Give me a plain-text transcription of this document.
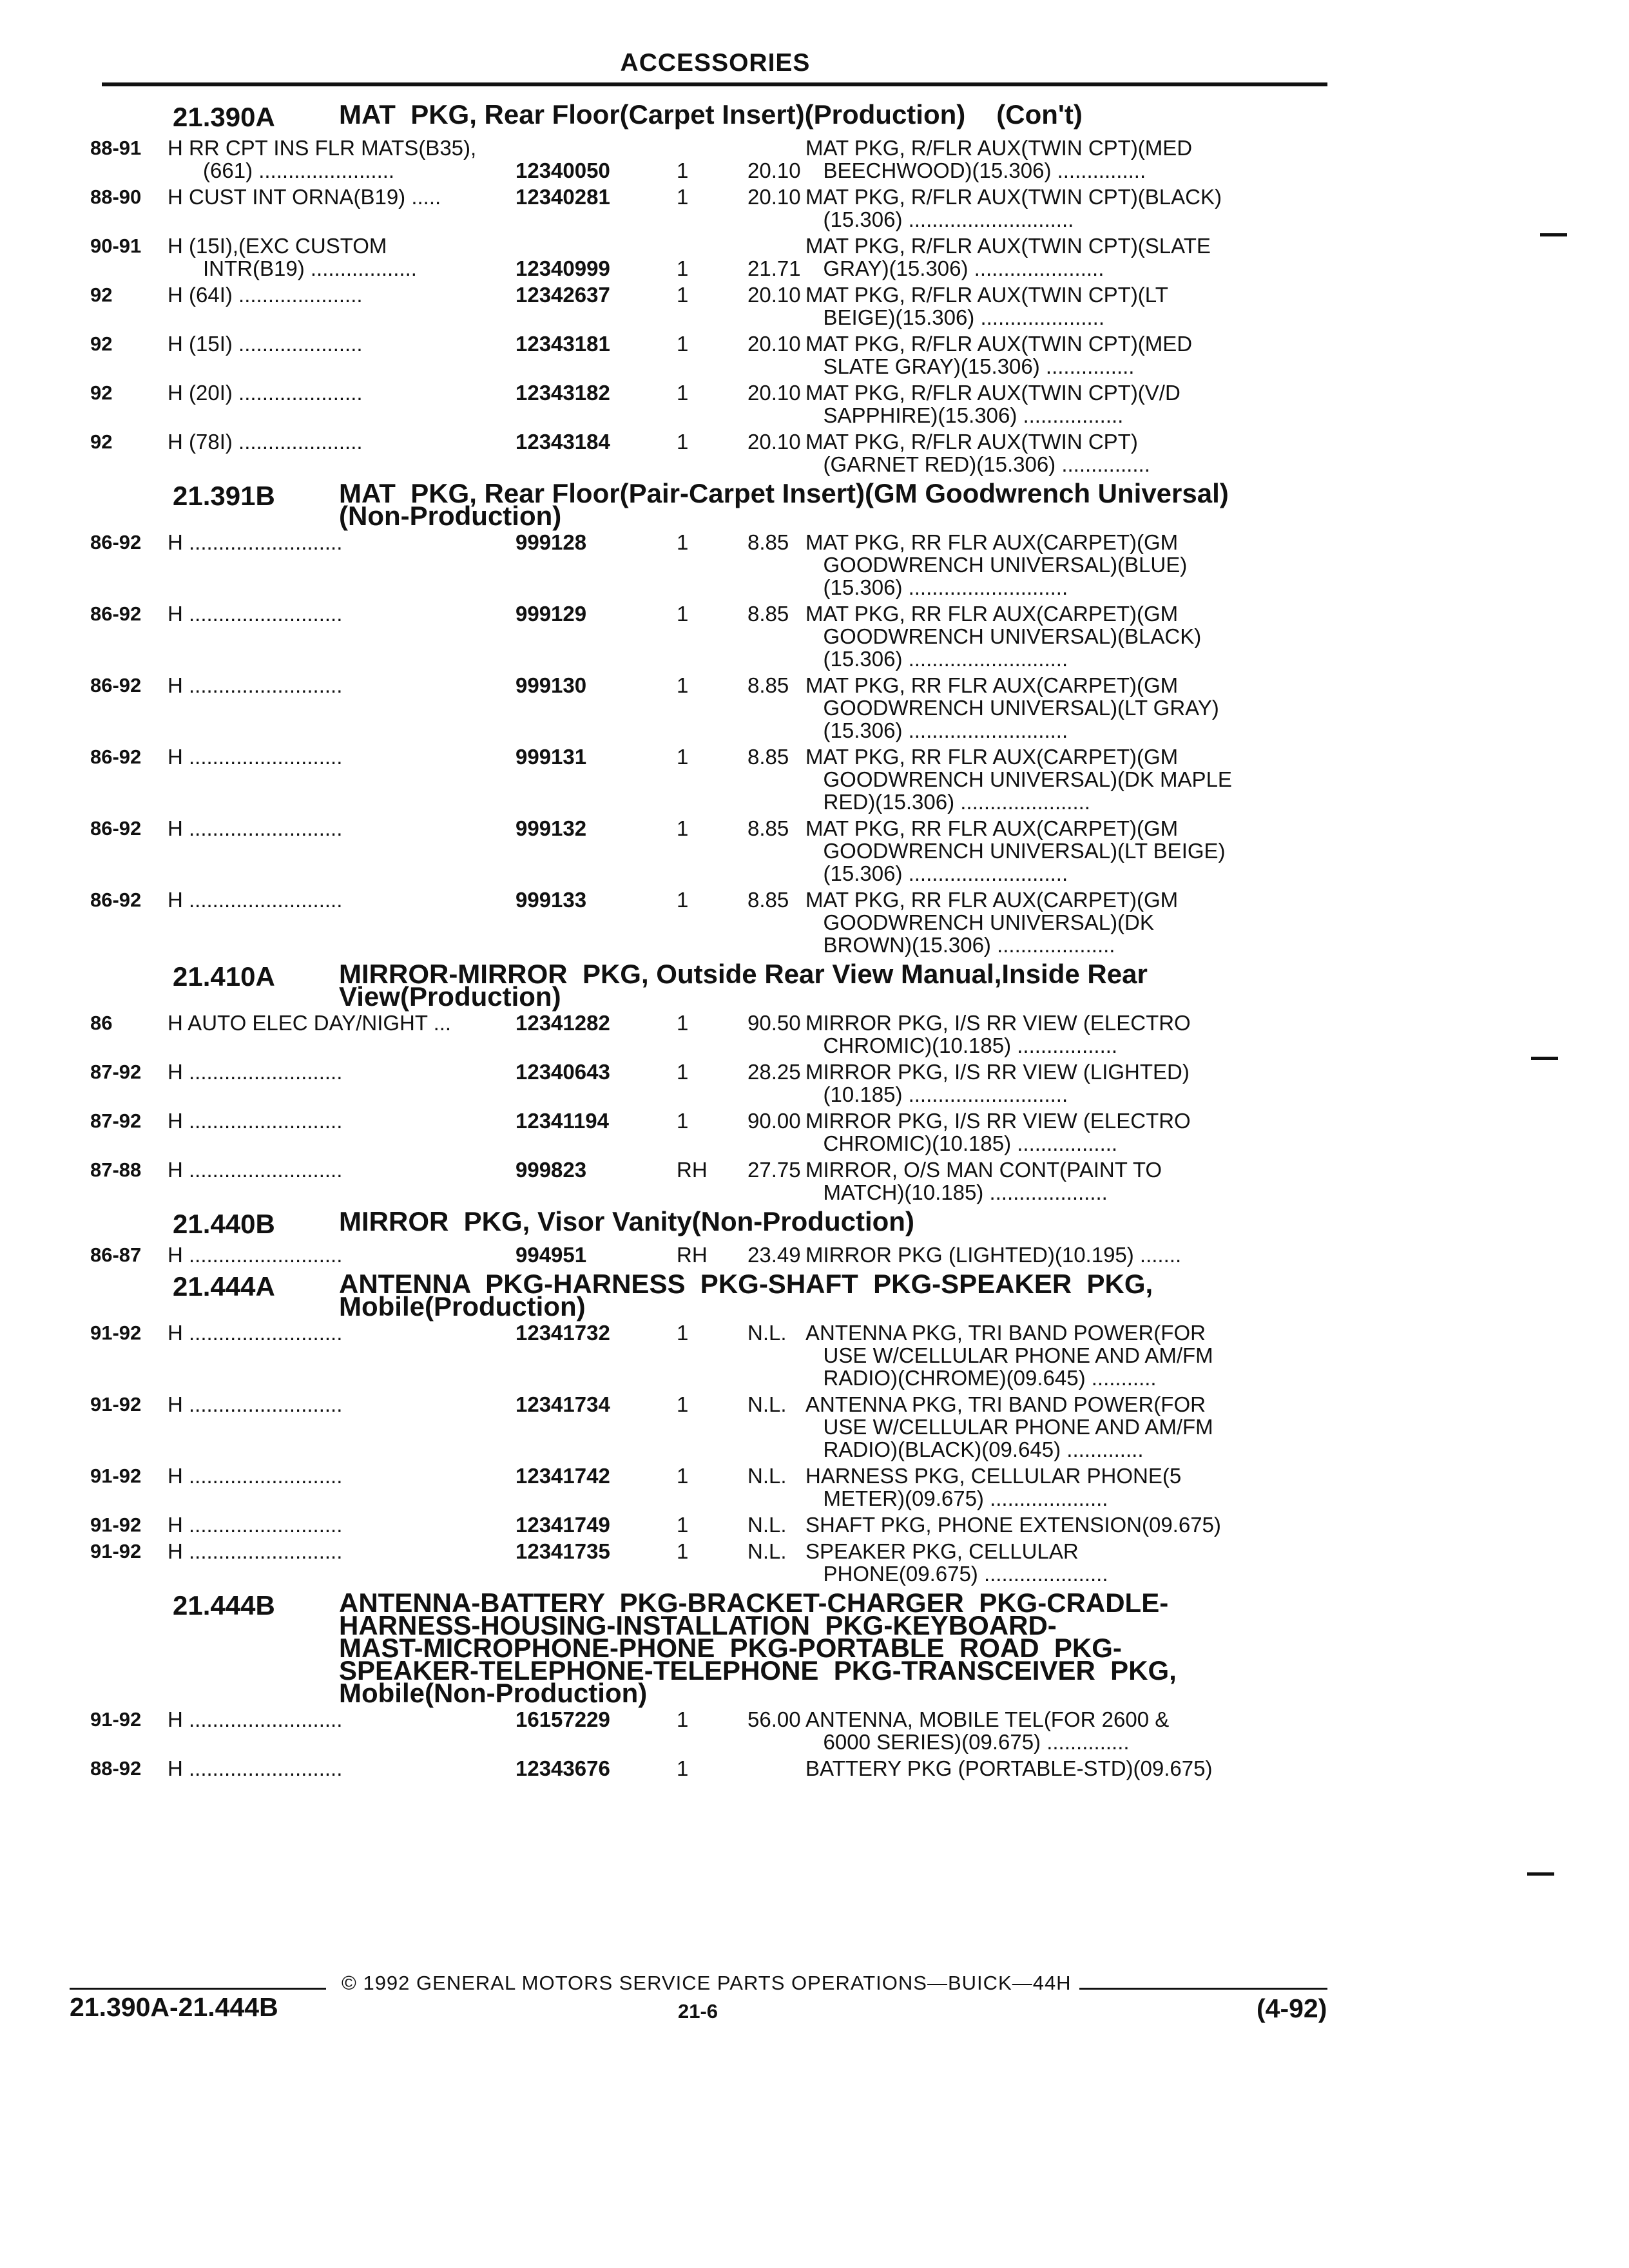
ACCESSORIES
21.390A	MAT  PKG, Rear Floor(Carpet Insert)(Production) (Con't)
88-91	H RR CPT INS FLR MATS(B35),
(661) .......................	12340050	1	20.10
MAT PKG, R/FLR AUX(TWIN CPT)(MED
BEECHWOOD)(15.306) ...............
88-90	H CUST INT ORNA(B19) .....	12340281	1	20.10 MAT PKG, R/FLR AUX(TWIN CPT)(BLACK)
(15.306) ............................
90-91	H (15I),(EXC CUSTOM
INTR(B19) ..................	12340999	1	21.71
MAT PKG, R/FLR AUX(TWIN CPT)(SLATE
GRAY)(15.306) ......................
92	H (64I) .....................	12342637	1	20.10 MAT PKG, R/FLR AUX(TWIN CPT)(LT
BEIGE)(15.306) .....................
92	H (15I) .....................	12343181	1	20.10 MAT PKG, R/FLR AUX(TWIN CPT)(MED
SLATE GRAY)(15.306) ...............
92	H (20I) .....................	12343182	1	20.10 MAT PKG, R/FLR AUX(TWIN CPT)(V/D
SAPPHIRE)(15.306) .................
92	H (78I) .....................	12343184	1	20.10 MAT PKG, R/FLR AUX(TWIN CPT)
(GARNET RED)(15.306) ...............
21.391B	MAT  PKG, Rear Floor(Pair-Carpet Insert)(GM Goodwrench Universal)
(Non-Production)
86-92	H ..........................	999128	1	8.85 MAT PKG, RR FLR AUX(CARPET)(GM
GOODWRENCH UNIVERSAL)(BLUE)
(15.306) ...........................
86-92	H ..........................	999129	1	8.85 MAT PKG, RR FLR AUX(CARPET)(GM
GOODWRENCH UNIVERSAL)(BLACK)
(15.306) ...........................
86-92	H ..........................	999130	1	8.85 MAT PKG, RR FLR AUX(CARPET)(GM
GOODWRENCH UNIVERSAL)(LT GRAY)
(15.306) ...........................
86-92	H ..........................	999131	1	8.85 MAT PKG, RR FLR AUX(CARPET)(GM
GOODWRENCH UNIVERSAL)(DK MAPLE
RED)(15.306) ......................
86-92	H ..........................	999132	1	8.85 MAT PKG, RR FLR AUX(CARPET)(GM
GOODWRENCH UNIVERSAL)(LT BEIGE)
(15.306) ...........................
86-92	H ..........................	999133	1	8.85 MAT PKG, RR FLR AUX(CARPET)(GM
GOODWRENCH UNIVERSAL)(DK
BROWN)(15.306) ....................
21.410A	MIRROR-MIRROR  PKG, Outside Rear View Manual,Inside Rear
View(Production)
86	H AUTO ELEC DAY/NIGHT ...	12341282	1	90.50 MIRROR PKG, I/S RR VIEW (ELECTRO
CHROMIC)(10.185) .................
87-92	H ..........................	12340643	1	28.25 MIRROR PKG, I/S RR VIEW (LIGHTED)
(10.185) ...........................
87-92	H ..........................	12341194	1	90.00 MIRROR PKG, I/S RR VIEW (ELECTRO
CHROMIC)(10.185) .................
87-88	H ..........................	999823	RH	27.75 MIRROR, O/S MAN CONT(PAINT TO
MATCH)(10.185) ....................
21.440B	MIRROR  PKG, Visor Vanity(Non-Production)
86-87	H ..........................	994951	RH	23.49 MIRROR PKG (LIGHTED)(10.195) .......
21.444A	ANTENNA  PKG-HARNESS  PKG-SHAFT  PKG-SPEAKER  PKG,
Mobile(Production)
91-92	H ..........................	12341732	1	N.L. ANTENNA PKG, TRI BAND POWER(FOR
USE W/CELLULAR PHONE AND AM/FM
RADIO)(CHROME)(09.645) ...........
91-92	H ..........................	12341734	1	N.L. ANTENNA PKG, TRI BAND POWER(FOR
USE W/CELLULAR PHONE AND AM/FM
RADIO)(BLACK)(09.645) .............
91-92	H ..........................	12341742	1	N.L. HARNESS PKG, CELLULAR PHONE(5
METER)(09.675) ....................
91-92	H ..........................	12341749	1	N.L. SHAFT PKG, PHONE EXTENSION(09.675)
91-92	H ..........................	12341735	1	N.L. SPEAKER PKG, CELLULAR
PHONE(09.675) .....................
21.444B	ANTENNA-BATTERY  PKG-BRACKET-CHARGER  PKG-CRADLE-
HARNESS-HOUSING-INSTALLATION  PKG-KEYBOARD-
MAST-MICROPHONE-PHONE  PKG-PORTABLE  ROAD  PKG-
SPEAKER-TELEPHONE-TELEPHONE  PKG-TRANSCEIVER  PKG,
Mobile(Non-Production)
91-92	H ..........................	16157229	1	56.00 ANTENNA, MOBILE TEL(FOR 2600 &
6000 SERIES)(09.675) ..............
88-92	H ..........................	12343676	1	BATTERY PKG (PORTABLE-STD)(09.675)
© 1992 GENERAL MOTORS SERVICE PARTS OPERATIONS—BUICK—44H
21.390A-21.444B	21-6	(4-92)
